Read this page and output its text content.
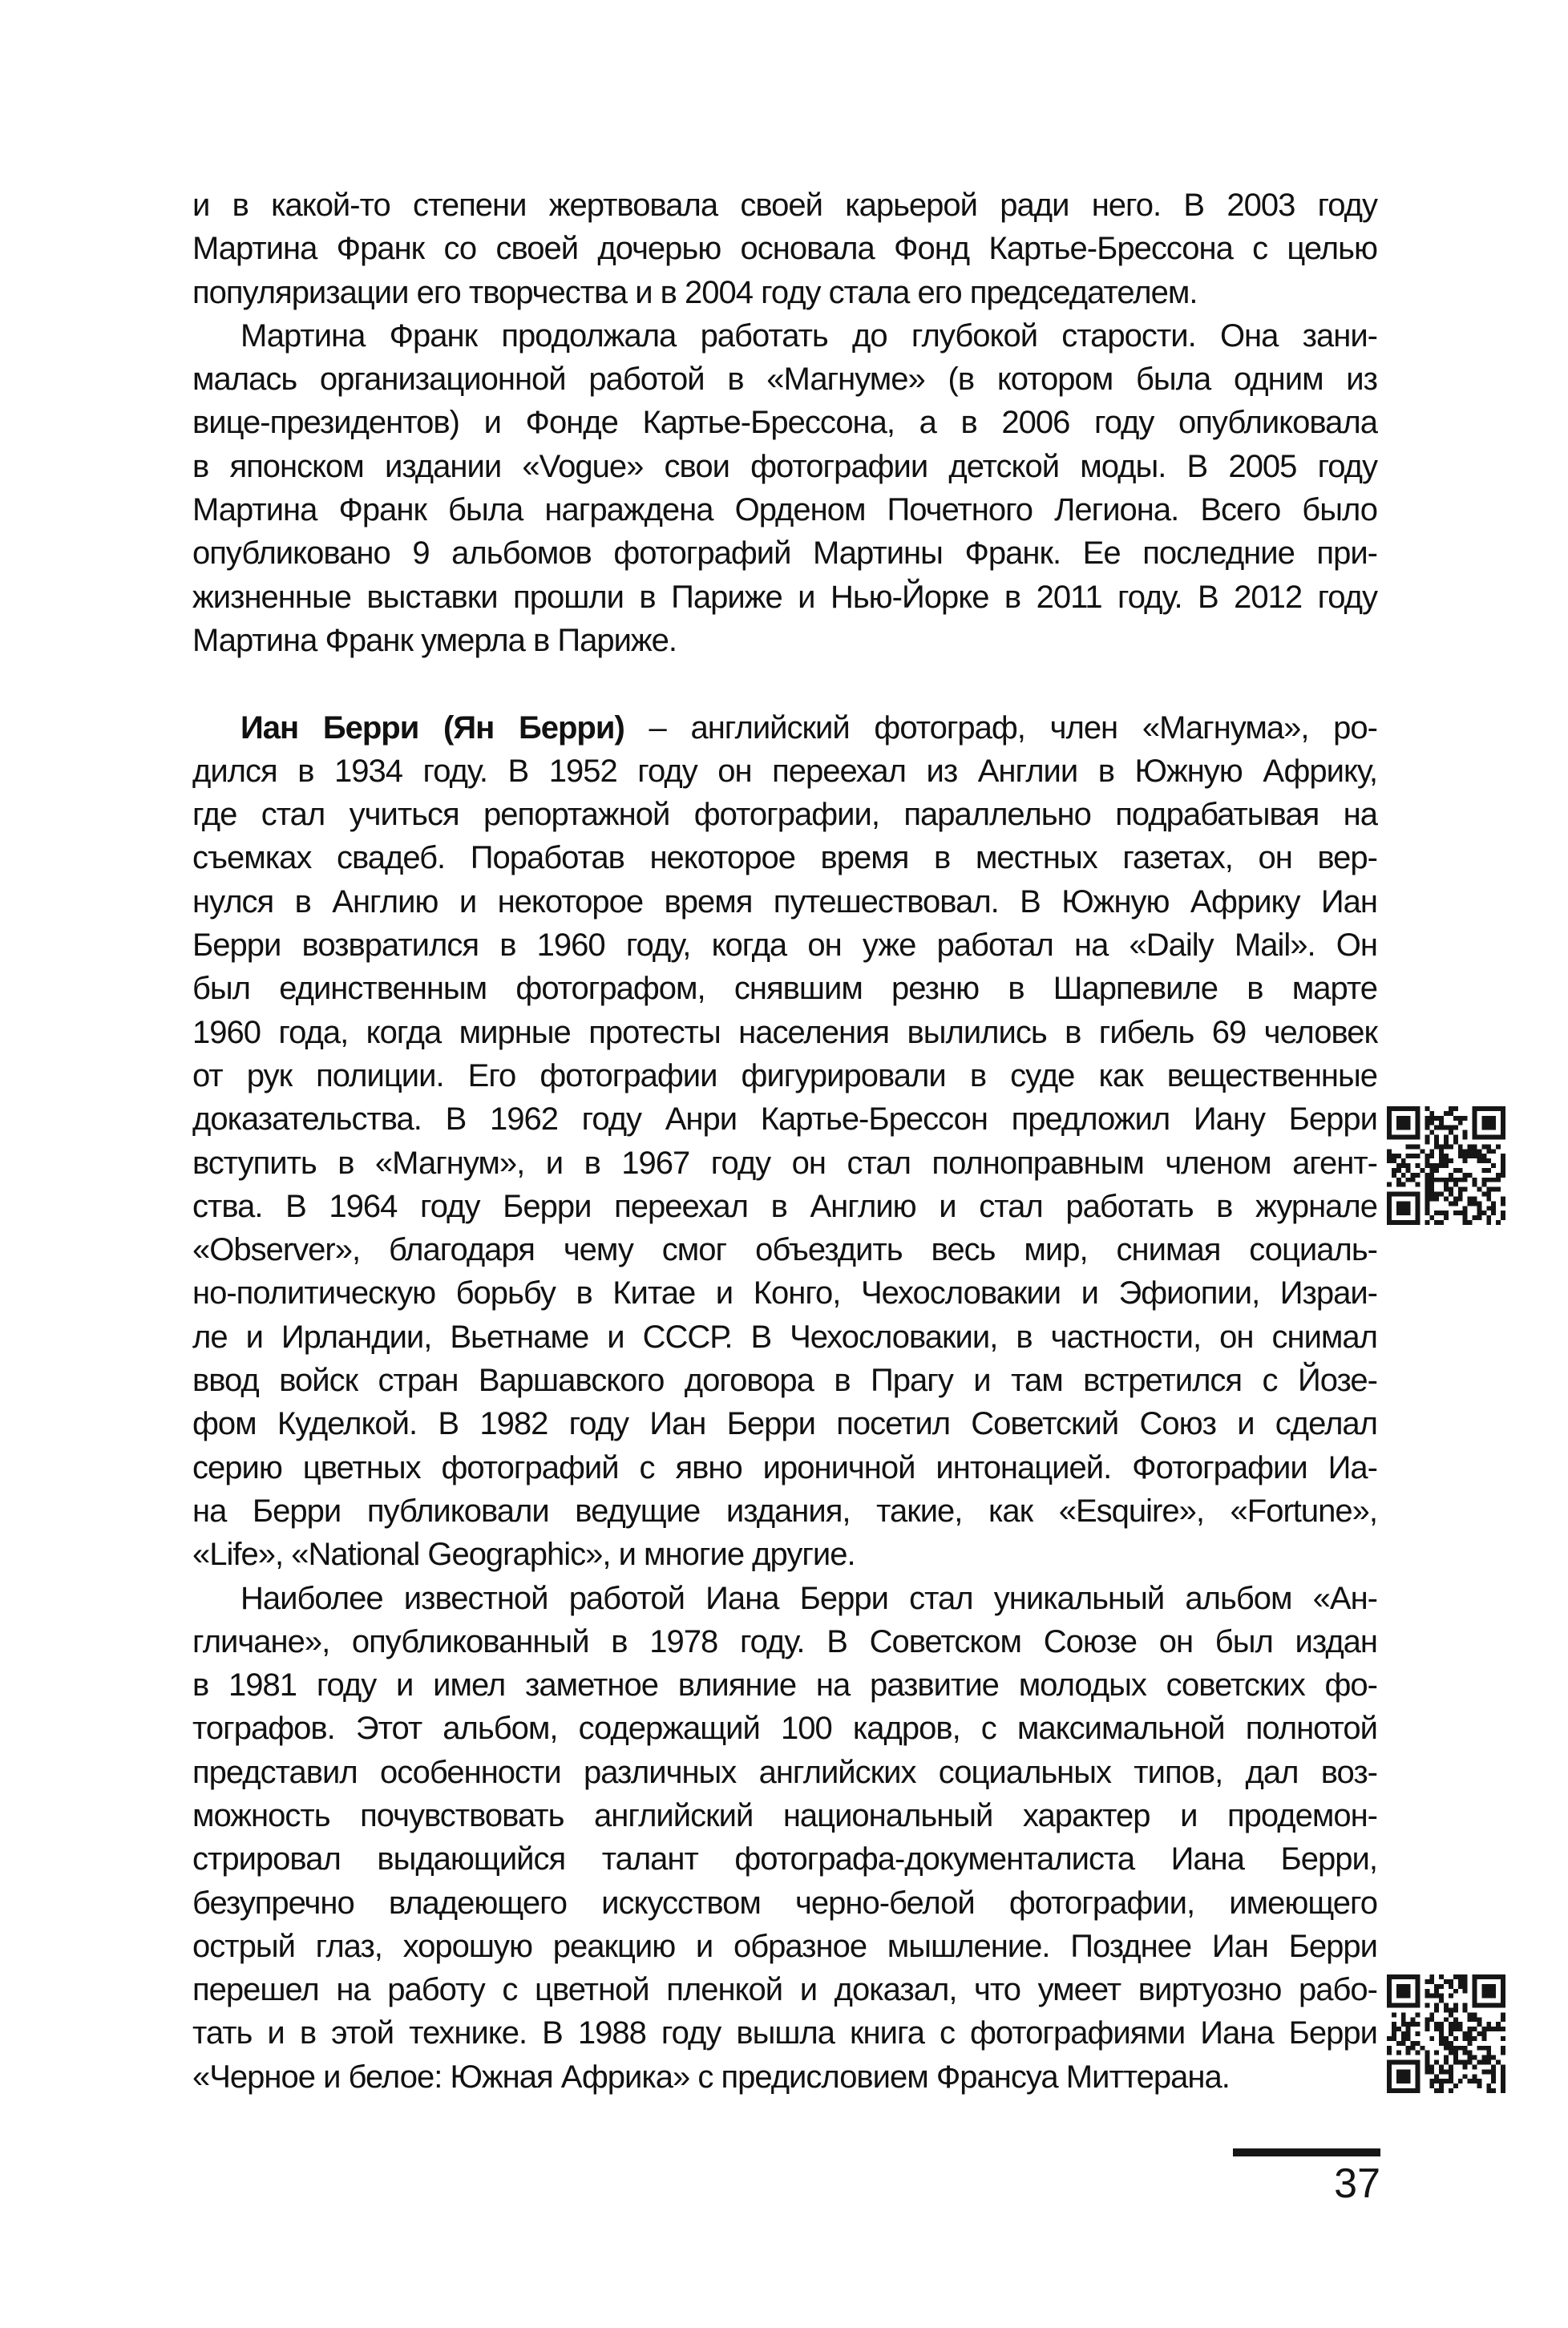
и в какой-то степени жертвовала своей карьерой ради него. В 2003 году
Мартина Франк со своей дочерью основала Фонд Картье-Брессона с целью
популяризации его творчества и в 2004 году стала его председателем.
Мартина Франк продолжала работать до глубокой старости. Она зани-
малась организационной работой в «Магнуме» (в котором была одним из
вице-президентов) и Фонде Картье-Брессона, а в 2006 году опубликовала
в японском издании «Vogue» свои фотографии детской моды. В 2005 году
Мартина Франк была награждена Орденом Почетного Легиона. Всего было
опубликовано 9 альбомов фотографий Мартины Франк. Ее последние при-
жизненные выставки прошли в Париже и Нью-Йорке в 2011 году. В 2012 году
Мартина Франк умерла в Париже.
Иан Берри (Ян Берри) – английский фотограф, член «Магнума», ро-
дился в 1934 году. В 1952 году он переехал из Англии в Южную Африку,
где стал учиться репортажной фотографии, параллельно подрабатывая на
съемках свадеб. Поработав некоторое время в местных газетах, он вер-
нулся в Англию и некоторое время путешествовал. В Южную Африку Иан
Берри возвратился в 1960 году, когда он уже работал на «Daily Mail». Он
был единственным фотографом, снявшим резню в Шарпевиле в марте
1960 года, когда мирные протесты населения вылились в гибель 69 человек
от рук полиции. Его фотографии фигурировали в суде как вещественные
доказательства. В 1962 году Анри Картье-Брессон предложил Иану Берри
вступить в «Магнум», и в 1967 году он стал полноправным членом агент-
ства. В 1964 году Берри переехал в Англию и стал работать в журнале
«Observer», благодаря чему смог объездить весь мир, снимая социаль-
но-политическую борьбу в Китае и Конго, Чехословакии и Эфиопии, Израи-
ле и Ирландии, Вьетнаме и СССР. В Чехословакии, в частности, он снимал
ввод войск стран Варшавского договора в Прагу и там встретился с Йозе-
фом Куделкой. В 1982 году Иан Берри посетил Советский Союз и сделал
серию цветных фотографий с явно ироничной интонацией. Фотографии Иа-
на Берри публиковали ведущие издания, такие, как «Esquire», «Fortune»,
«Life», «National Geographic», и многие другие.
Наиболее известной работой Иана Берри стал уникальный альбом «Ан-
гличане», опубликованный в 1978 году. В Советском Союзе он был издан
в 1981 году и имел заметное влияние на развитие молодых советских фо-
тографов. Этот альбом, содержащий 100 кадров, с максимальной полнотой
представил особенности различных английских социальных типов, дал воз-
можность почувствовать английский национальный характер и продемон-
стрировал выдающийся талант фотографа-документалиста Иана Берри,
безупречно владеющего искусством черно-белой фотографии, имеющего
острый глаз, хорошую реакцию и образное мышление. Позднее Иан Берри
перешел на работу с цветной пленкой и доказал, что умеет виртуозно рабо-
тать и в этой технике. В 1988 году вышла книга с фотографиями Иана Берри
«Черное и белое: Южная Африка» с предисловием Франсуа Миттерана.
37
